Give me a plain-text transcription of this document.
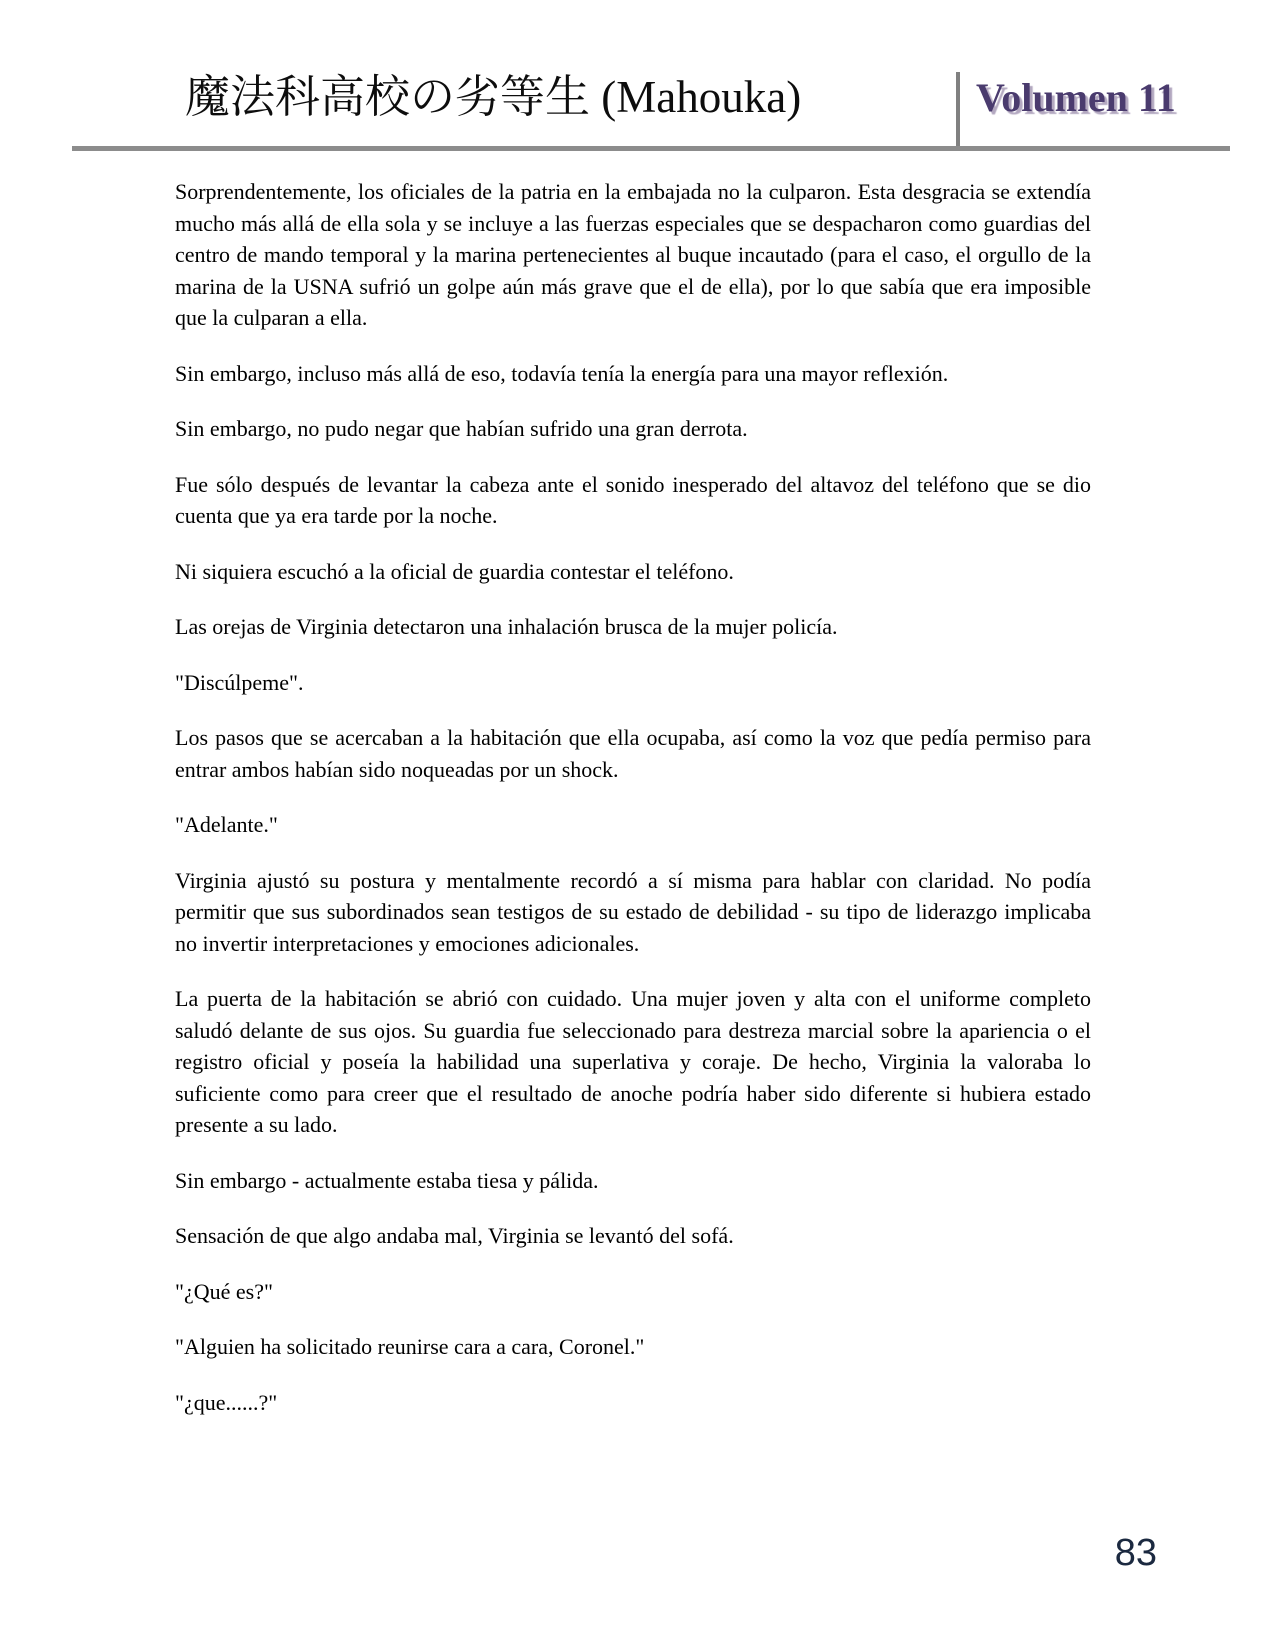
魔法科高校の劣等生 (Mahouka)	Volumen 11

Sorprendentemente, los oficiales de la patria en la embajada no la culparon. Esta desgracia se extendía mucho más allá de ella sola y se incluye a las fuerzas especiales que se despacharon como guardias del centro de mando temporal y la marina pertenecientes al buque incautado (para el caso, el orgullo de la marina de la USNA sufrió un golpe aún más grave que el de ella), por lo que sabía que era imposible que la culparan a ella.

Sin embargo, incluso más allá de eso, todavía tenía la energía para una mayor reflexión.

Sin embargo, no pudo negar que habían sufrido una gran derrota.

Fue sólo después de levantar la cabeza ante el sonido inesperado del altavoz del teléfono que se dio cuenta que ya era tarde por la noche.

Ni siquiera escuchó a la oficial de guardia contestar el teléfono.

Las orejas de Virginia detectaron una inhalación brusca de la mujer policía.

"Discúlpeme".

Los pasos que se acercaban a la habitación que ella ocupaba, así como la voz que pedía permiso para entrar ambos habían sido noqueadas por un shock.

"Adelante."

Virginia ajustó su postura y mentalmente recordó a sí misma para hablar con claridad. No podía permitir que sus subordinados sean testigos de su estado de debilidad - su tipo de liderazgo implicaba no invertir interpretaciones y emociones adicionales.

La puerta de la habitación se abrió con cuidado. Una mujer joven y alta con el uniforme completo saludó delante de sus ojos. Su guardia fue seleccionado para destreza marcial sobre la apariencia o el registro oficial y poseía la habilidad una superlativa y coraje. De hecho, Virginia la valoraba lo suficiente como para creer que el resultado de anoche podría haber sido diferente si hubiera estado presente a su lado.

Sin embargo - actualmente estaba tiesa y pálida.

Sensación de que algo andaba mal, Virginia se levantó del sofá.

"¿Qué es?"

"Alguien ha solicitado reunirse cara a cara, Coronel."

"¿que......?"

83
